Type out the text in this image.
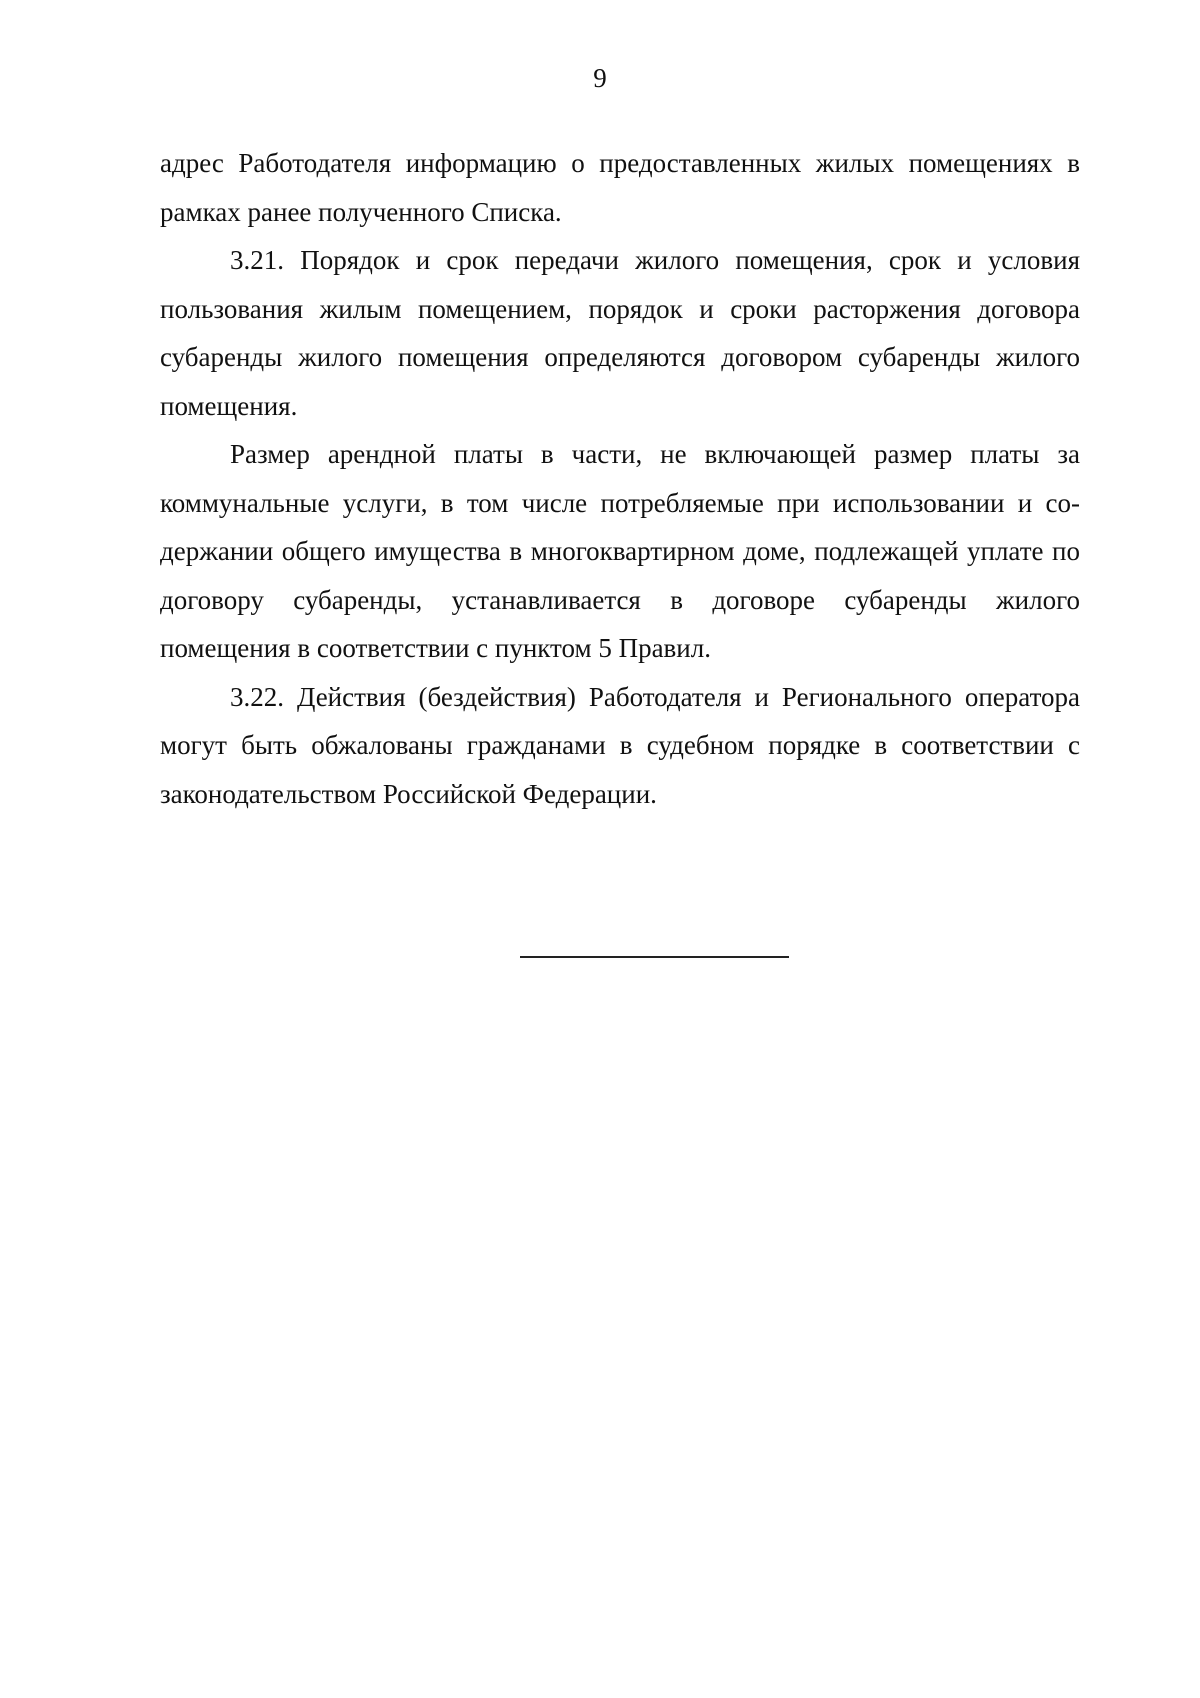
9

адрес Работодателя информацию о предоставленных жилых помещениях в рамках ранее полученного Списка.

3.21. Порядок и срок передачи жилого помещения, срок и условия пользования жилым помещением, порядок и сроки расторжения договора субаренды жилого помещения определяются договором субаренды жилого помещения.

Размер арендной платы в части, не включающей размер платы за коммунальные услуги, в том числе потребляемые при использовании и содержании общего имущества в многоквартирном доме, подлежащей уплате по договору субаренды, устанавливается в договоре субаренды жилого помещения в соответствии с пунктом 5 Правил.

3.22. Действия (бездействия) Работодателя и Регионального оператора могут быть обжалованы гражданами в судебном порядке в соответствии с законодательством Российской Федерации.
